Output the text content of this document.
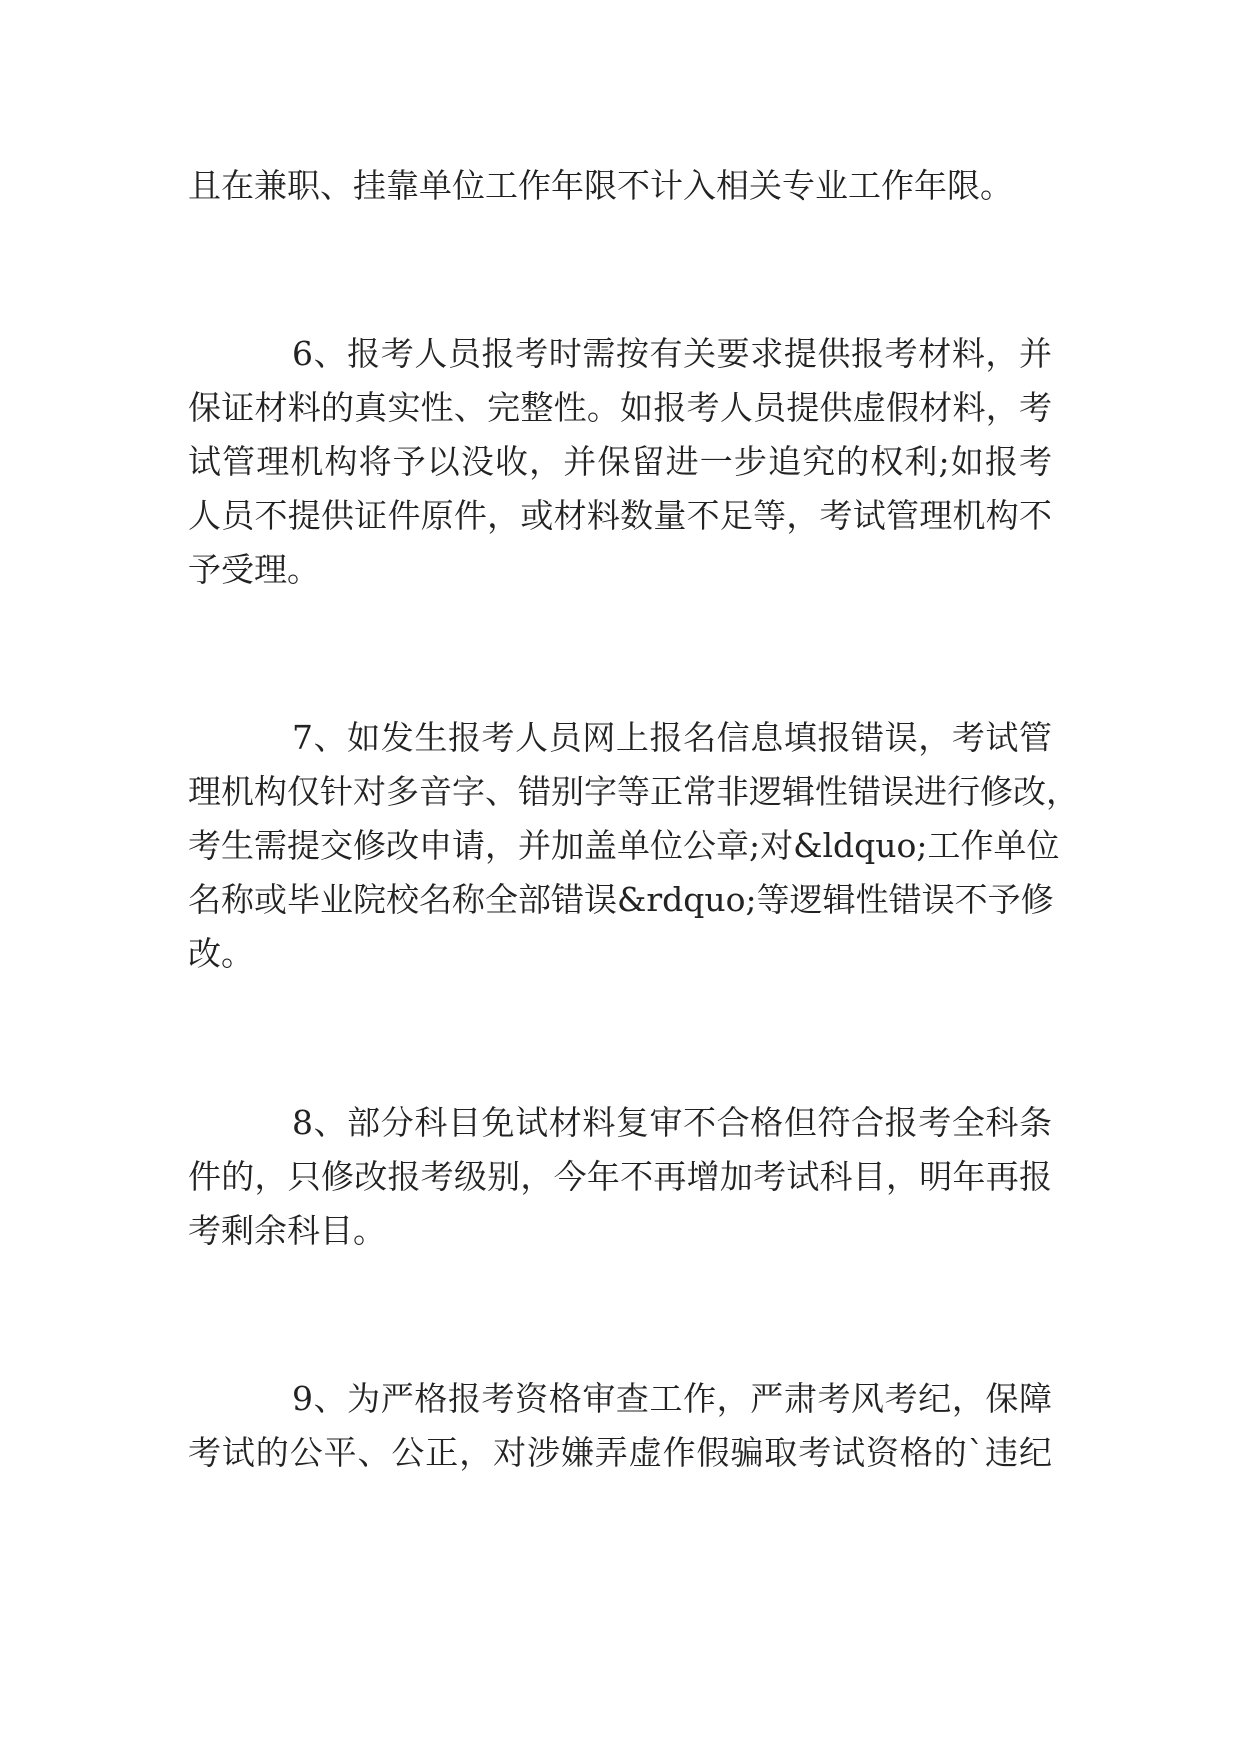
且在兼职、挂靠单位工作年限不计入相关专业工作年限。
6、报考人员报考时需按有关要求提供报考材料，并
保证材料的真实性、完整性。如报考人员提供虚假材料，考
试管理机构将予以没收，并保留进一步追究的权利;如报考
人员不提供证件原件，或材料数量不足等，考试管理机构不
予受理。
7、如发生报考人员网上报名信息填报错误，考试管
理机构仅针对多音字、错别字等正常非逻辑性错误进行修改，
考生需提交修改申请，并加盖单位公章;对&ldquo;工作单位
名称或毕业院校名称全部错误&rdquo;等逻辑性错误不予修
改。
8、部分科目免试材料复审不合格但符合报考全科条
件的，只修改报考级别，今年不再增加考试科目，明年再报
考剩余科目。
9、为严格报考资格审查工作，严肃考风考纪，保障
考试的公平、公正，对涉嫌弄虚作假骗取考试资格的`违纪
